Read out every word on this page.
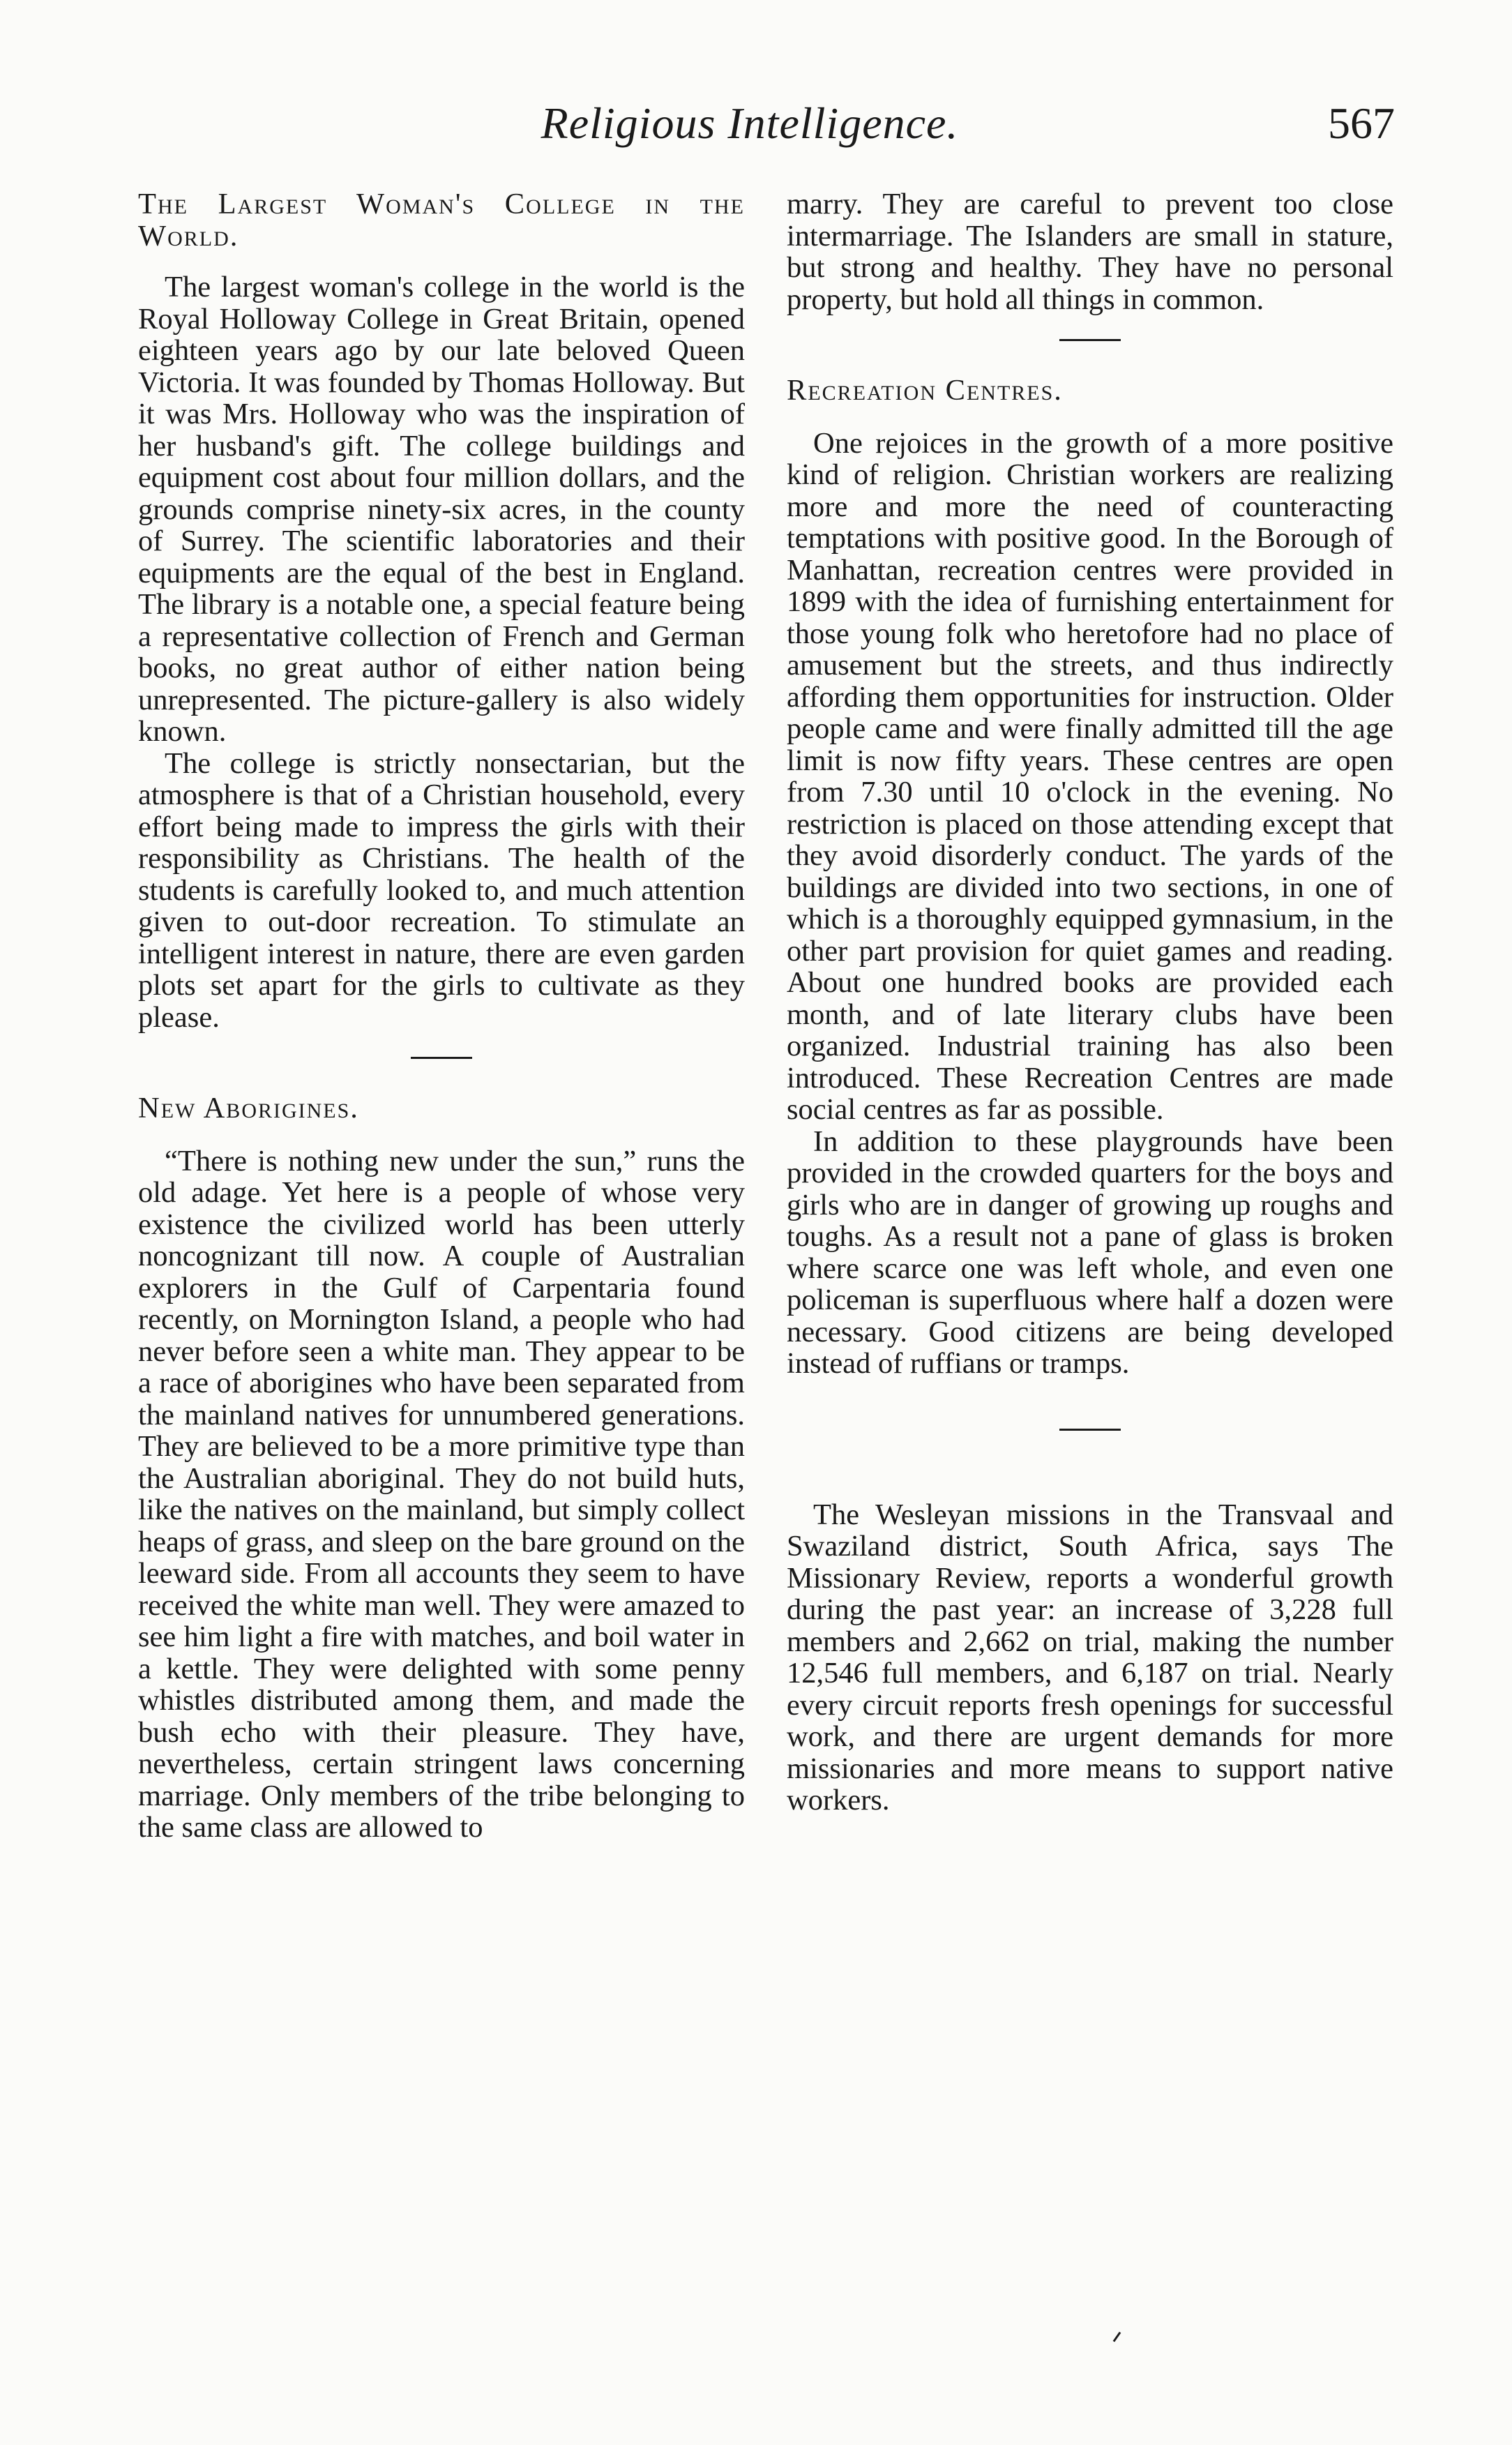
Religious Intelligence.	567

The Largest Woman's College in the World.

The largest woman's college in the world is the Royal Holloway College in Great Britain, opened eighteen years ago by our late beloved Queen Victoria. It was founded by Thomas Holloway. But it was Mrs. Holloway who was the inspiration of her husband's gift. The college buildings and equipment cost about four million dollars, and the grounds comprise ninety-six acres, in the county of Surrey. The scientific laboratories and their equipments are the equal of the best in England. The library is a notable one, a special feature being a representative collection of French and German books, no great author of either nation being unrepresented. The picture-gallery is also widely known.

The college is strictly nonsectarian, but the atmosphere is that of a Christian household, every effort being made to impress the girls with their responsibility as Christians. The health of the students is carefully looked to, and much attention given to out-door recreation. To stimulate an intelligent interest in nature, there are even garden plots set apart for the girls to cultivate as they please.

New Aborigines.

“There is nothing new under the sun,” runs the old adage. Yet here is a people of whose very existence the civilized world has been utterly noncognizant till now. A couple of Australian explorers in the Gulf of Carpentaria found recently, on Mornington Island, a people who had never before seen a white man. They appear to be a race of aborigines who have been separated from the mainland natives for unnumbered generations. They are believed to be a more primitive type than the Australian aboriginal. They do not build huts, like the natives on the mainland, but simply collect heaps of grass, and sleep on the bare ground on the leeward side. From all accounts they seem to have received the white man well. They were amazed to see him light a fire with matches, and boil water in a kettle. They were delighted with some penny whistles distributed among them, and made the bush echo with their pleasure. They have, nevertheless, certain stringent laws concerning marriage. Only members of the tribe belonging to the same class are allowed to

marry. They are careful to prevent too close intermarriage. The Islanders are small in stature, but strong and healthy. They have no personal property, but hold all things in common.

Recreation Centres.

One rejoices in the growth of a more positive kind of religion. Christian workers are realizing more and more the need of counteracting temptations with positive good. In the Borough of Manhattan, recreation centres were provided in 1899 with the idea of furnishing entertainment for those young folk who heretofore had no place of amusement but the streets, and thus indirectly affording them opportunities for instruction. Older people came and were finally admitted till the age limit is now fifty years. These centres are open from 7.30 until 10 o'clock in the evening. No restriction is placed on those attending except that they avoid disorderly conduct. The yards of the buildings are divided into two sections, in one of which is a thoroughly equipped gymnasium, in the other part provision for quiet games and reading. About one hundred books are provided each month, and of late literary clubs have been organized. Industrial training has also been introduced. These Recreation Centres are made social centres as far as possible.

In addition to these playgrounds have been provided in the crowded quarters for the boys and girls who are in danger of growing up roughs and toughs. As a result not a pane of glass is broken where scarce one was left whole, and even one policeman is superfluous where half a dozen were necessary. Good citizens are being developed instead of ruffians or tramps.

The Wesleyan missions in the Transvaal and Swaziland district, South Africa, says The Missionary Review, reports a wonderful growth during the past year: an increase of 3,228 full members and 2,662 on trial, making the number 12,546 full members, and 6,187 on trial. Nearly every circuit reports fresh openings for successful work, and there are urgent demands for more missionaries and more means to support native workers.
